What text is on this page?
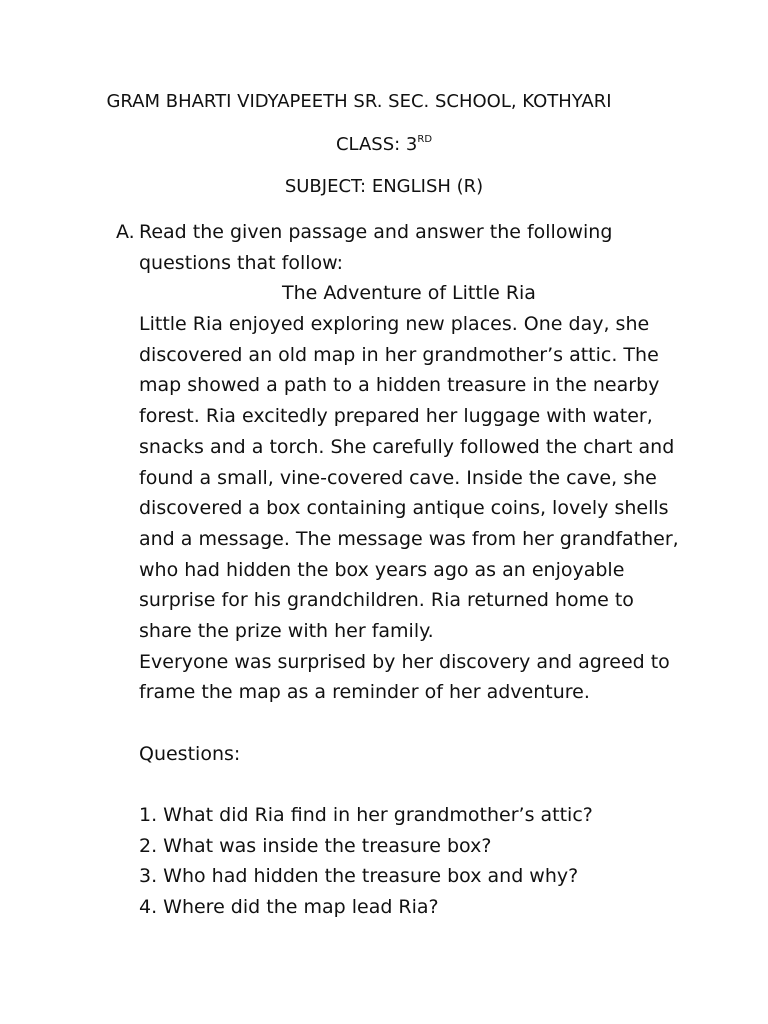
GRAM BHARTI VIDYAPEETH SR. SEC. SCHOOL, KOTHYARI
CLASS: 3RD
SUBJECT: ENGLISH (R)
A. Read the given passage and answer the following
questions that follow:
The Adventure of Little Ria
Little Ria enjoyed exploring new places. One day, she
discovered an old map in her grandmother’s attic. The
map showed a path to a hidden treasure in the nearby
forest. Ria excitedly prepared her luggage with water,
snacks and a torch. She carefully followed the chart and
found a small, vine-covered cave. Inside the cave, she
discovered a box containing antique coins, lovely shells
and a message. The message was from her grandfather,
who had hidden the box years ago as an enjoyable
surprise for his grandchildren. Ria returned home to
share the prize with her family.
Everyone was surprised by her discovery and agreed to
frame the map as a reminder of her adventure.
Questions:
1. What did Ria find in her grandmother’s attic?
2. What was inside the treasure box?
3. Who had hidden the treasure box and why?
4. Where did the map lead Ria?
